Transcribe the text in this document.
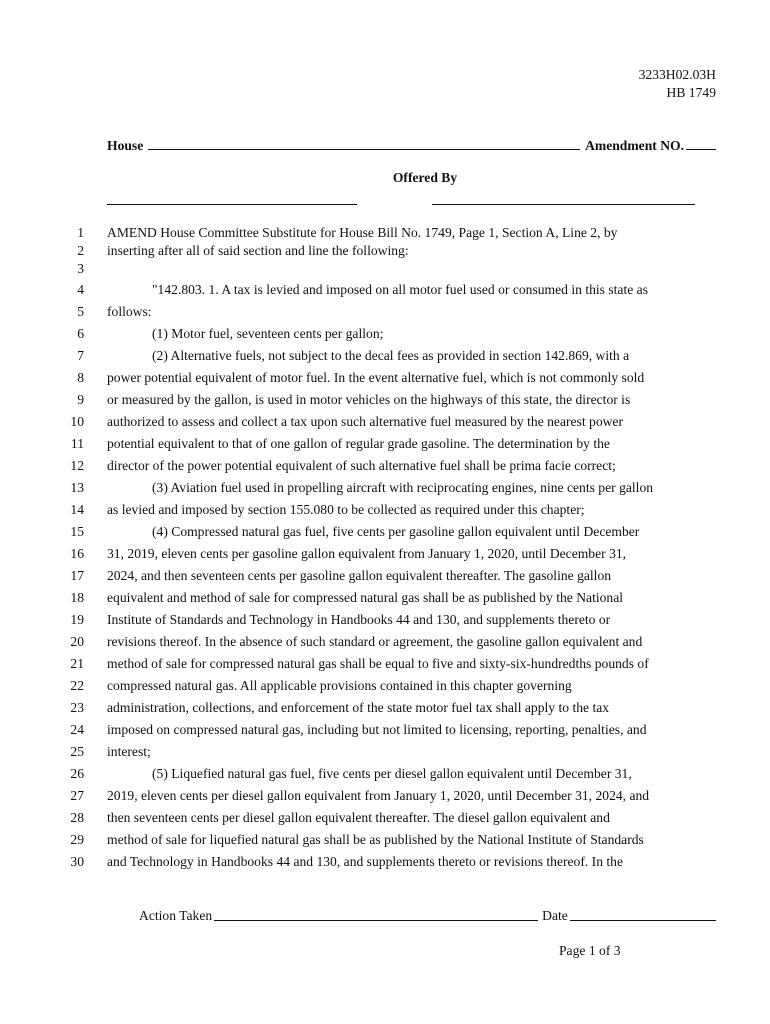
3233H02.03H
HB 1749
House	Amendment NO.
Offered By
1 AMEND House Committee Substitute for House Bill No. 1749, Page 1, Section A, Line 2, by
2 inserting after all of said section and line the following:
3
4	"142.803. 1. A tax is levied and imposed on all motor fuel used or consumed in this state as
5 follows:
6	(1) Motor fuel, seventeen cents per gallon;
7	(2) Alternative fuels, not subject to the decal fees as provided in section 142.869, with a
8 power potential equivalent of motor fuel. In the event alternative fuel, which is not commonly sold
9 or measured by the gallon, is used in motor vehicles on the highways of this state, the director is
10 authorized to assess and collect a tax upon such alternative fuel measured by the nearest power
11 potential equivalent to that of one gallon of regular grade gasoline. The determination by the
12 director of the power potential equivalent of such alternative fuel shall be prima facie correct;
13	(3) Aviation fuel used in propelling aircraft with reciprocating engines, nine cents per gallon
14 as levied and imposed by section 155.080 to be collected as required under this chapter;
15	(4) Compressed natural gas fuel, five cents per gasoline gallon equivalent until December
16 31, 2019, eleven cents per gasoline gallon equivalent from January 1, 2020, until December 31,
17 2024, and then seventeen cents per gasoline gallon equivalent thereafter. The gasoline gallon
18 equivalent and method of sale for compressed natural gas shall be as published by the National
19 Institute of Standards and Technology in Handbooks 44 and 130, and supplements thereto or
20 revisions thereof. In the absence of such standard or agreement, the gasoline gallon equivalent and
21 method of sale for compressed natural gas shall be equal to five and sixty-six-hundredths pounds of
22 compressed natural gas. All applicable provisions contained in this chapter governing
23 administration, collections, and enforcement of the state motor fuel tax shall apply to the tax
24 imposed on compressed natural gas, including but not limited to licensing, reporting, penalties, and
25 interest;
26	(5) Liquefied natural gas fuel, five cents per diesel gallon equivalent until December 31,
27 2019, eleven cents per diesel gallon equivalent from January 1, 2020, until December 31, 2024, and
28 then seventeen cents per diesel gallon equivalent thereafter. The diesel gallon equivalent and
29 method of sale for liquefied natural gas shall be as published by the National Institute of Standards
30 and Technology in Handbooks 44 and 130, and supplements thereto or revisions thereof. In the
Action Taken	Date
Page 1 of 3
